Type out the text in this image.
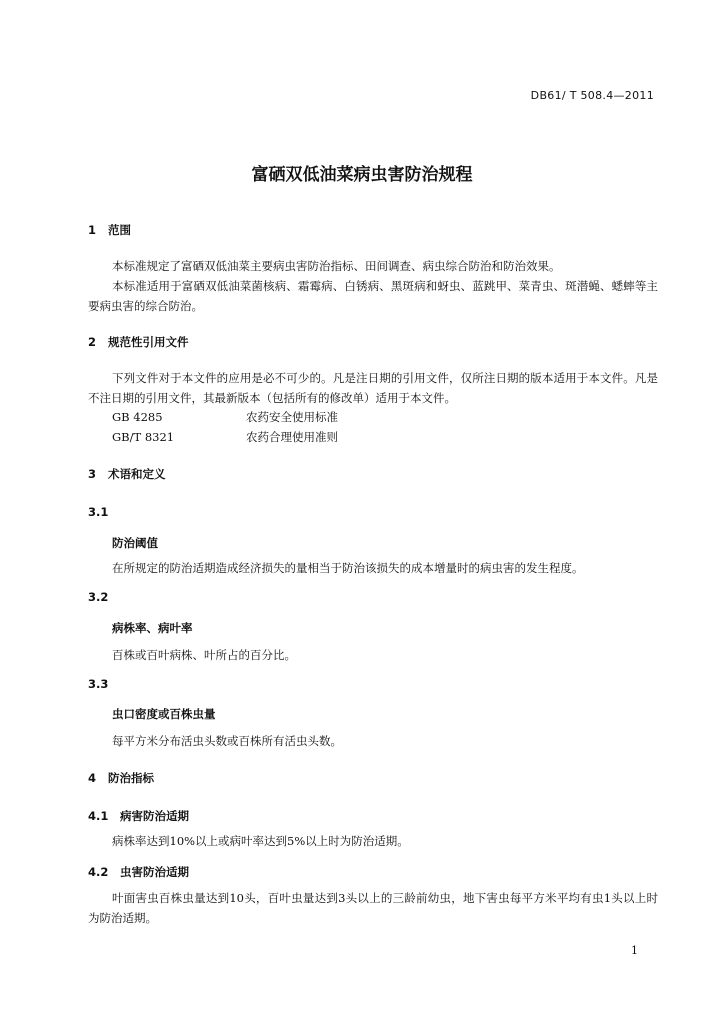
DB61/ T 508.4—2011
富硒双低油菜病虫害防治规程
1 范围
本标准规定了富硒双低油菜主要病虫害防治指标、田间调查、病虫综合防治和防治效果。
本标准适用于富硒双低油菜菌核病、霜霉病、白锈病、黑斑病和蚜虫、蓝跳甲、菜青虫、斑潜蝇、蟋蟀等主要病虫害的综合防治。
2 规范性引用文件
下列文件对于本文件的应用是必不可少的。凡是注日期的引用文件，仅所注日期的版本适用于本文件。凡是不注日期的引用文件，其最新版本（包括所有的修改单）适用于本文件。
GB 4285	农药安全使用标准
GB/T 8321	农药合理使用准则
3 术语和定义
3.1
防治阈值
在所规定的防治适期造成经济损失的量相当于防治该损失的成本增量时的病虫害的发生程度。
3.2
病株率、病叶率
百株或百叶病株、叶所占的百分比。
3.3
虫口密度或百株虫量
每平方米分布活虫头数或百株所有活虫头数。
4 防治指标
4.1 病害防治适期
病株率达到10%以上或病叶率达到5%以上时为防治适期。
4.2 虫害防治适期
叶面害虫百株虫量达到10头，百叶虫量达到3头以上的三龄前幼虫，地下害虫每平方米平均有虫1头以上时为防治适期。
1
